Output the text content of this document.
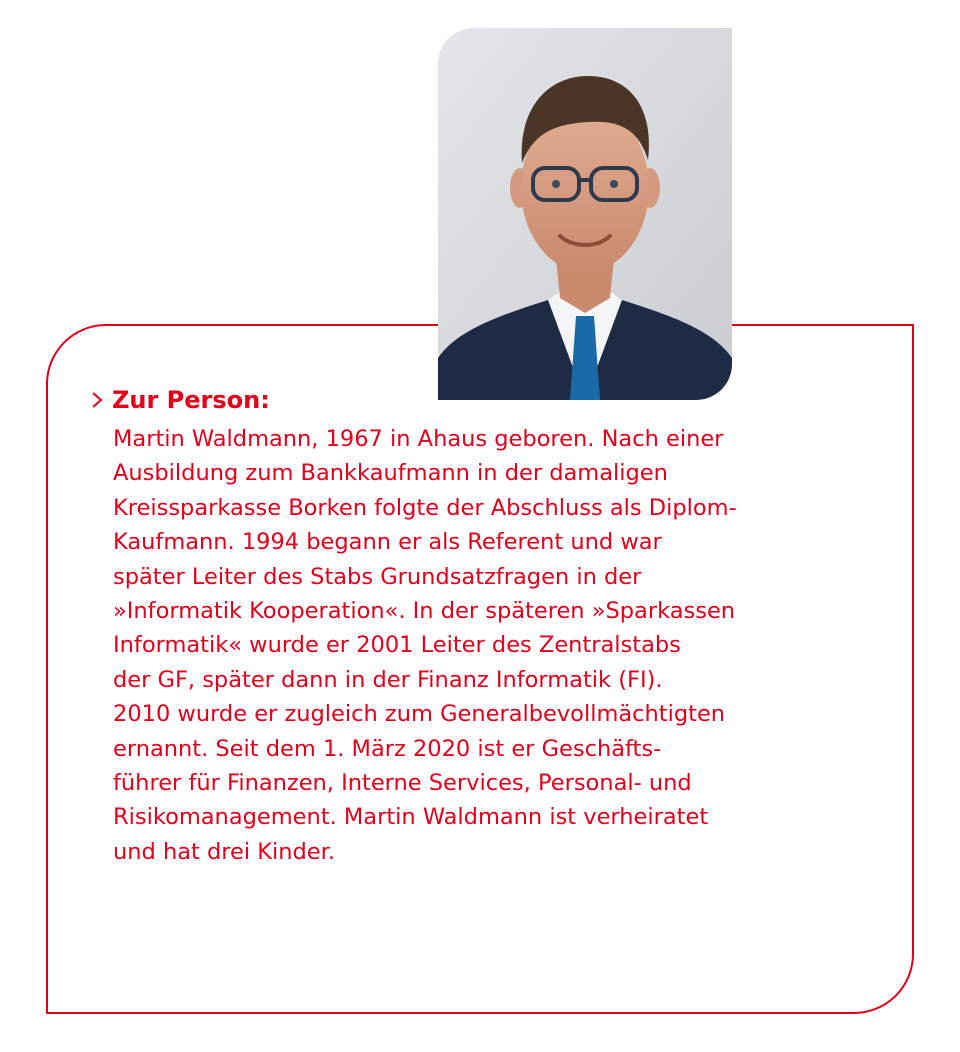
Zur Person:

Martin Waldmann, 1967 in Ahaus geboren. Nach einer
Ausbildung zum Bankkaufmann in der damaligen
Kreissparkasse Borken folgte der Abschluss als Diplom-
Kaufmann. 1994 begann er als Referent und war
später Leiter des Stabs Grundsatzfragen in der
»Informatik Kooperation«. In der späteren »Sparkassen
Informatik« wurde er 2001 Leiter des Zentralstabs
der GF, später dann in der Finanz Informatik (FI).
2010 wurde er zugleich zum Generalbevollmächtigten
ernannt. Seit dem 1. März 2020 ist er Geschäfts-
führer für Finanzen, Interne Services, Personal- und
Risikomanagement. Martin Waldmann ist verheiratet
und hat drei Kinder.
